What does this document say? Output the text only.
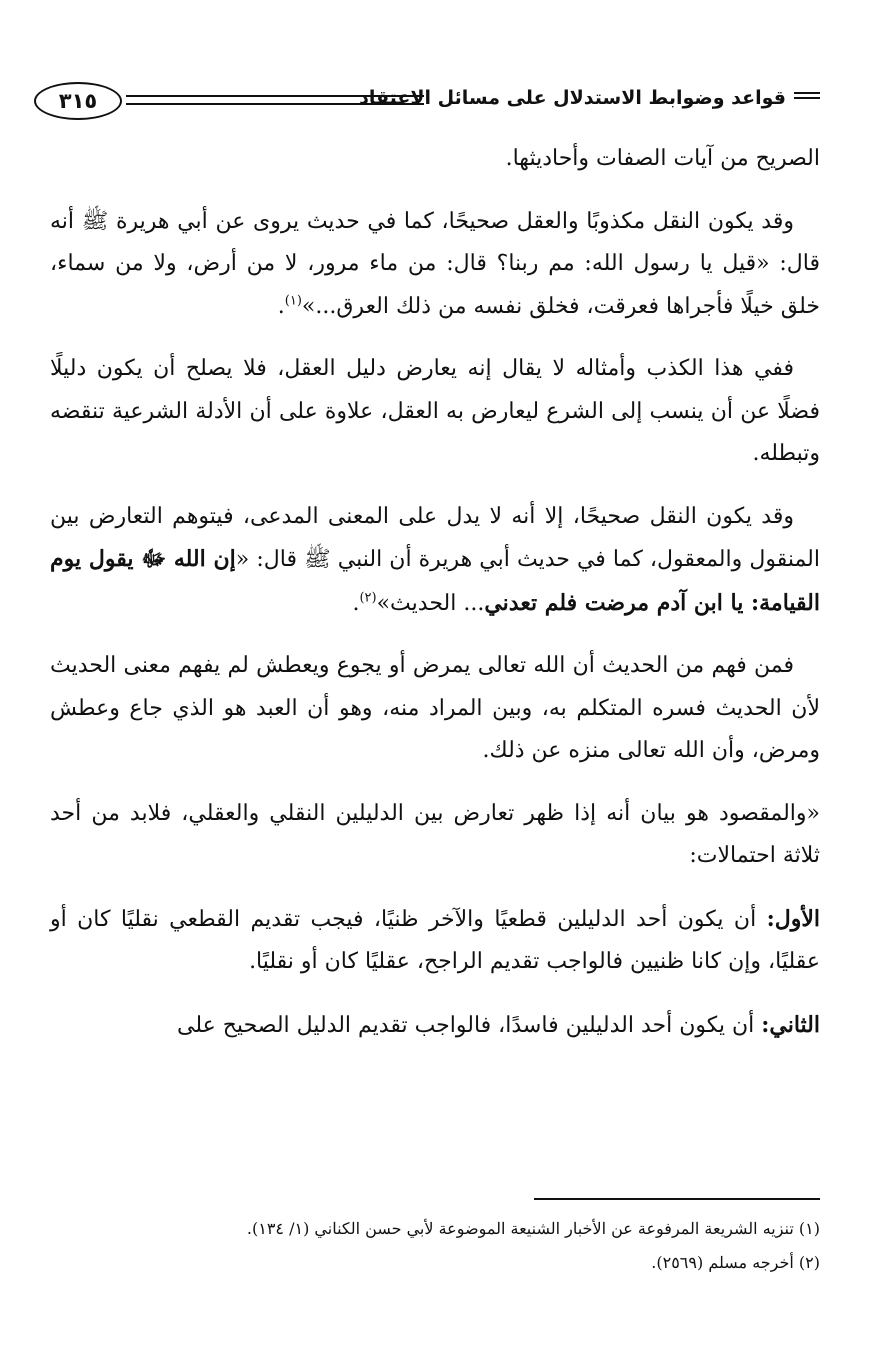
قواعد وضوابط الاستدلال على مسائل الاعتقاد
٣١٥

الصريح من آيات الصفات وأحاديثها.

وقد يكون النقل مكذوبًا والعقل صحيحًا، كما في حديث يروى عن أبي هريرة ﷺ أنه قال: «قيل يا رسول الله: مم ربنا؟ قال: من ماء مرور، لا من أرض، ولا من سماء، خلق خيلًا فأجراها فعرقت، فخلق نفسه من ذلك العرق...»$^{(١)}$.

ففي هذا الكذب وأمثاله لا يقال إنه يعارض دليل العقل، فلا يصلح أن يكون دليلًا فضلًا عن أن ينسب إلى الشرع ليعارض به العقل، علاوة على أن الأدلة الشرعية تنقضه وتبطله.

وقد يكون النقل صحيحًا، إلا أنه لا يدل على المعنى المدعى، فيتوهم التعارض بين المنقول والمعقول، كما في حديث أبي هريرة أن النبي ﷺ قال: «إن الله ﷻ يقول يوم القيامة: يا ابن آدم مرضت فلم تعدني... الحديث»$^{(٢)}$.

فمن فهم من الحديث أن الله تعالى يمرض أو يجوع ويعطش لم يفهم معنى الحديث لأن الحديث فسره المتكلم به، وبين المراد منه، وهو أن العبد هو الذي جاع وعطش ومرض، وأن الله تعالى منزه عن ذلك.

«والمقصود هو بيان أنه إذا ظهر تعارض بين الدليلين النقلي والعقلي، فلابد من أحد ثلاثة احتمالات:

الأول: أن يكون أحد الدليلين قطعيًا والآخر ظنيًا، فيجب تقديم القطعي نقليًا كان أو عقليًا، وإن كانا ظنيين فالواجب تقديم الراجح، عقليًا كان أو نقليًا.

الثاني: أن يكون أحد الدليلين فاسدًا، فالواجب تقديم الدليل الصحيح على

(١) تنزيه الشريعة المرفوعة عن الأخبار الشنيعة الموضوعة لأبي حسن الكناني (١/ ١٣٤).
(٢) أخرجه مسلم (٢٥٦٩).
